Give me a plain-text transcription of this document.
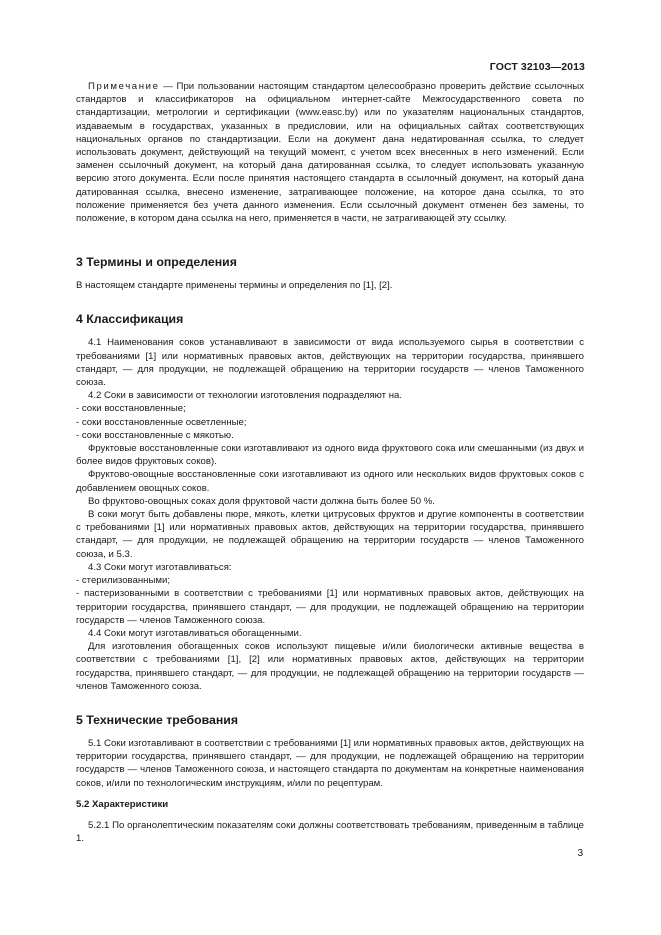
ГОСТ 32103—2013

Примечание — При пользовании настоящим стандартом целесообразно проверить действие ссылочных стандартов и классификаторов на официальном интернет-сайте Межгосударственного совета по стандартизации, метрологии и сертификации (www.easc.by) или по указателям национальных стандартов, издаваемым в государствах, указанных в предисловии, или на официальных сайтах соответствующих национальных органов по стандартизации. Если на документ дана недатированная ссылка, то следует использовать документ, действующий на текущий момент, с учетом всех внесенных в него изменений. Если заменен ссылочный документ, на который дана датированная ссылка, то следует использовать указанную версию этого документа. Если после принятия настоящего стандарта в ссылочный документ, на который дана датированная ссылка, внесено изменение, затрагивающее положение, на которое дана ссылка, то это положение применяется без учета данного изменения. Если ссылочный документ отменен без замены, то положение, в котором дана ссылка на него, применяется в части, не затрагивающей эту ссылку.

3 Термины и определения

В настоящем стандарте применены термины и определения по [1], [2].

4 Классификация

4.1 Наименования соков устанавливают в зависимости от вида используемого сырья в соответствии с требованиями [1] или нормативных правовых актов, действующих на территории государства, принявшего стандарт, — для продукции, не подлежащей обращению на территории государств — членов Таможенного союза.

4.2 Соки в зависимости от технологии изготовления подразделяют на.

- соки восстановленные;

- соки восстановленные осветленные;

- соки восстановленные с мякотью.

Фруктовые восстановленные соки изготавливают из одного вида фруктового сока или смешанными (из двух и более видов фруктовых соков).

Фруктово-овощные восстановленные соки изготавливают из одного или нескольких видов фруктовых соков с добавлением овощных соков.

Во фруктово-овощных соках доля фруктовой части должна быть более 50 %.

В соки могут быть добавлены пюре, мякоть, клетки цитрусовых фруктов и другие компоненты в соответствии с требованиями [1] или нормативных правовых актов, действующих на территории государства, принявшего стандарт, — для продукции, не подлежащей обращению на территории государств — членов Таможенного союза, и 5.3.

4.3 Соки могут изготавливаться:

- стерилизованными;

- пастеризованными в соответствии с требованиями [1] или нормативных правовых актов, действующих на территории государства, принявшего стандарт, — для продукции, не подлежащей обращению на территории государств — членов Таможенного союза.

4.4 Соки могут изготавливаться обогащенными.

Для изготовления обогащенных соков используют пищевые и/или биологически активные вещества в соответствии с требованиями [1], [2] или нормативных правовых актов, действующих на территории государства, принявшего стандарт, — для продукции, не подлежащей обращению на территории государств — членов Таможенного союза.

5 Технические требования

5.1 Соки изготавливают в соответствии с требованиями [1] или нормативных правовых актов, действующих на территории государства, принявшего стандарт, — для продукции, не подлежащей обращению на территории государств — членов Таможенного союза, и настоящего стандарта по документам на конкретные наименования соков, и/или по технологическим инструкциям, и/или по рецептурам.

5.2 Характеристики

5.2.1 По органолептическим показателям соки должны соответствовать требованиям, приведенным в таблице 1.

3
